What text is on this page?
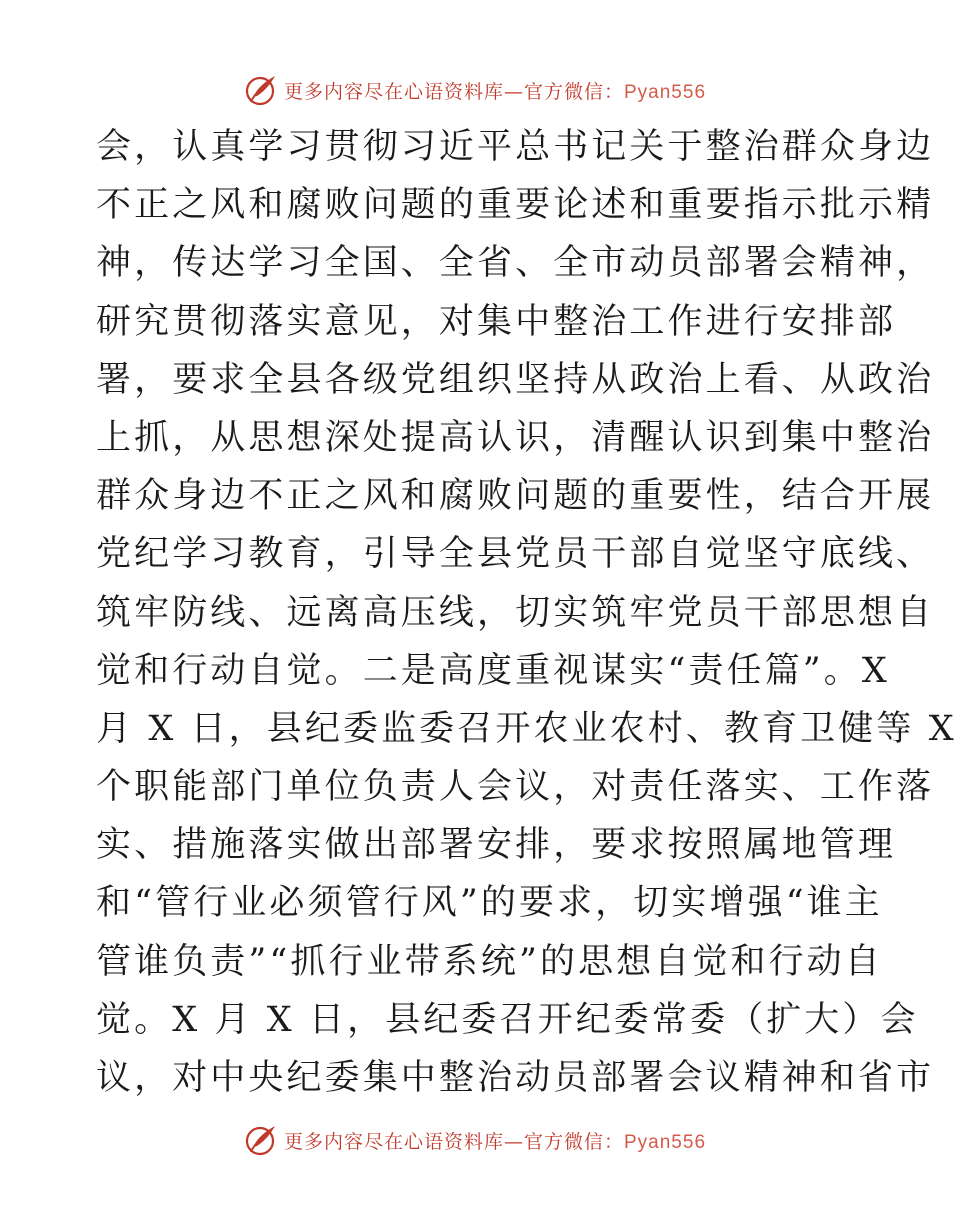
更多内容尽在心语资料库—官方微信：Pyan556
会，认真学习贯彻习近平总书记关于整治群众身边
不正之风和腐败问题的重要论述和重要指示批示精
神，传达学习全国、全省、全市动员部署会精神，
研究贯彻落实意见，对集中整治工作进行安排部
署，要求全县各级党组织坚持从政治上看、从政治
上抓，从思想深处提高认识，清醒认识到集中整治
群众身边不正之风和腐败问题的重要性，结合开展
党纪学习教育，引导全县党员干部自觉坚守底线、
筑牢防线、远离高压线，切实筑牢党员干部思想自
觉和行动自觉。二是高度重视谋实“责任篇”。X
月 X 日，县纪委监委召开农业农村、教育卫健等 X
个职能部门单位负责人会议，对责任落实、工作落
实、措施落实做出部署安排，要求按照属地管理
和“管行业必须管行风”的要求，切实增强“谁主
管谁负责”“抓行业带系统”的思想自觉和行动自
觉。X 月 X 日，县纪委召开纪委常委（扩大）会
议，对中央纪委集中整治动员部署会议精神和省市
更多内容尽在心语资料库—官方微信：Pyan556
